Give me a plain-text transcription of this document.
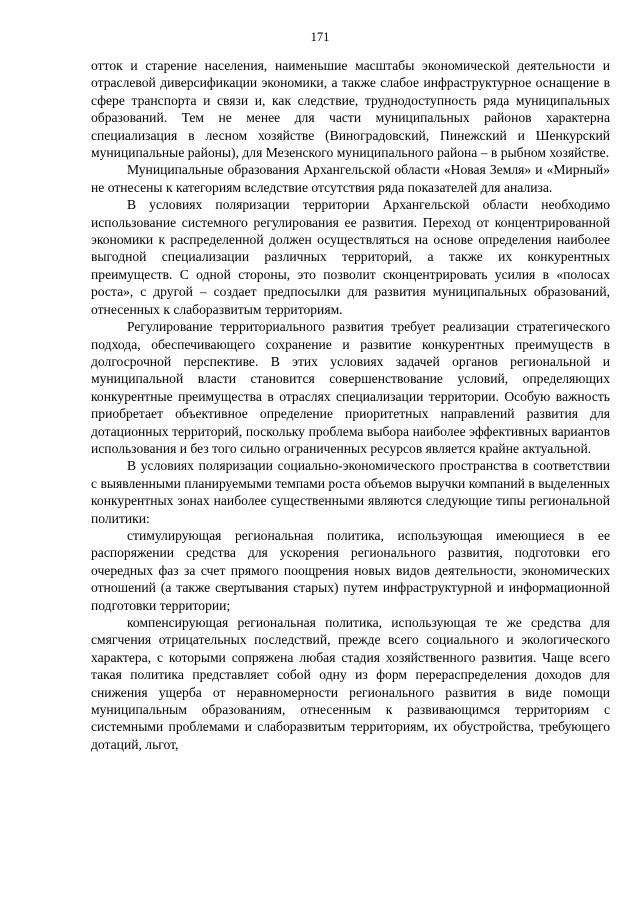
171

отток и старение населения, наименьшие масштабы экономической деятельности и отраслевой диверсификации экономики, а также слабое инфраструктурное оснащение в сфере транспорта и связи и, как следствие, труднодоступность ряда муниципальных образований. Тем не менее для части муниципальных районов характерна специализация в лесном хозяйстве (Виноградовский, Пинежский и Шенкурский муниципальные районы), для Мезенского муниципального района – в рыбном хозяйстве.

Муниципальные образования Архангельской области «Новая Земля» и «Мирный» не отнесены к категориям вследствие отсутствия ряда показателей для анализа.

В условиях поляризации территории Архангельской области необходимо использование системного регулирования ее развития. Переход от концентрированной экономики к распределенной должен осуществляться на основе определения наиболее выгодной специализации различных территорий, а также их конкурентных преимуществ. С одной стороны, это позволит сконцентрировать усилия в «полосах роста», с другой – создает предпосылки для развития муниципальных образований, отнесенных к слаборазвитым территориям.

Регулирование территориального развития требует реализации стратегического подхода, обеспечивающего сохранение и развитие конкурентных преимуществ в долгосрочной перспективе. В этих условиях задачей органов региональной и муниципальной власти становится совершенствование условий, определяющих конкурентные преимущества в отраслях специализации территории. Особую важность приобретает объективное определение приоритетных направлений развития для дотационных территорий, поскольку проблема выбора наиболее эффективных вариантов использования и без того сильно ограниченных ресурсов является крайне актуальной.

В условиях поляризации социально-экономического пространства в соответствии с выявленными планируемыми темпами роста объемов выручки компаний в выделенных конкурентных зонах наиболее существенными являются следующие типы региональной политики:

стимулирующая региональная политика, использующая имеющиеся в ее распоряжении средства для ускорения регионального развития, подготовки его очередных фаз за счет прямого поощрения новых видов деятельности, экономических отношений (а также свертывания старых) путем инфраструктурной и информационной подготовки территории;

компенсирующая региональная политика, использующая те же средства для смягчения отрицательных последствий, прежде всего социального и экологического характера, с которыми сопряжена любая стадия хозяйственного развития. Чаще всего такая политика представляет собой одну из форм перераспределения доходов для снижения ущерба от неравномерности регионального развития в виде помощи муниципальным образованиям, отнесенным к развивающимся территориям с системными проблемами и слаборазвитым территориям, их обустройства, требующего дотаций, льгот,
